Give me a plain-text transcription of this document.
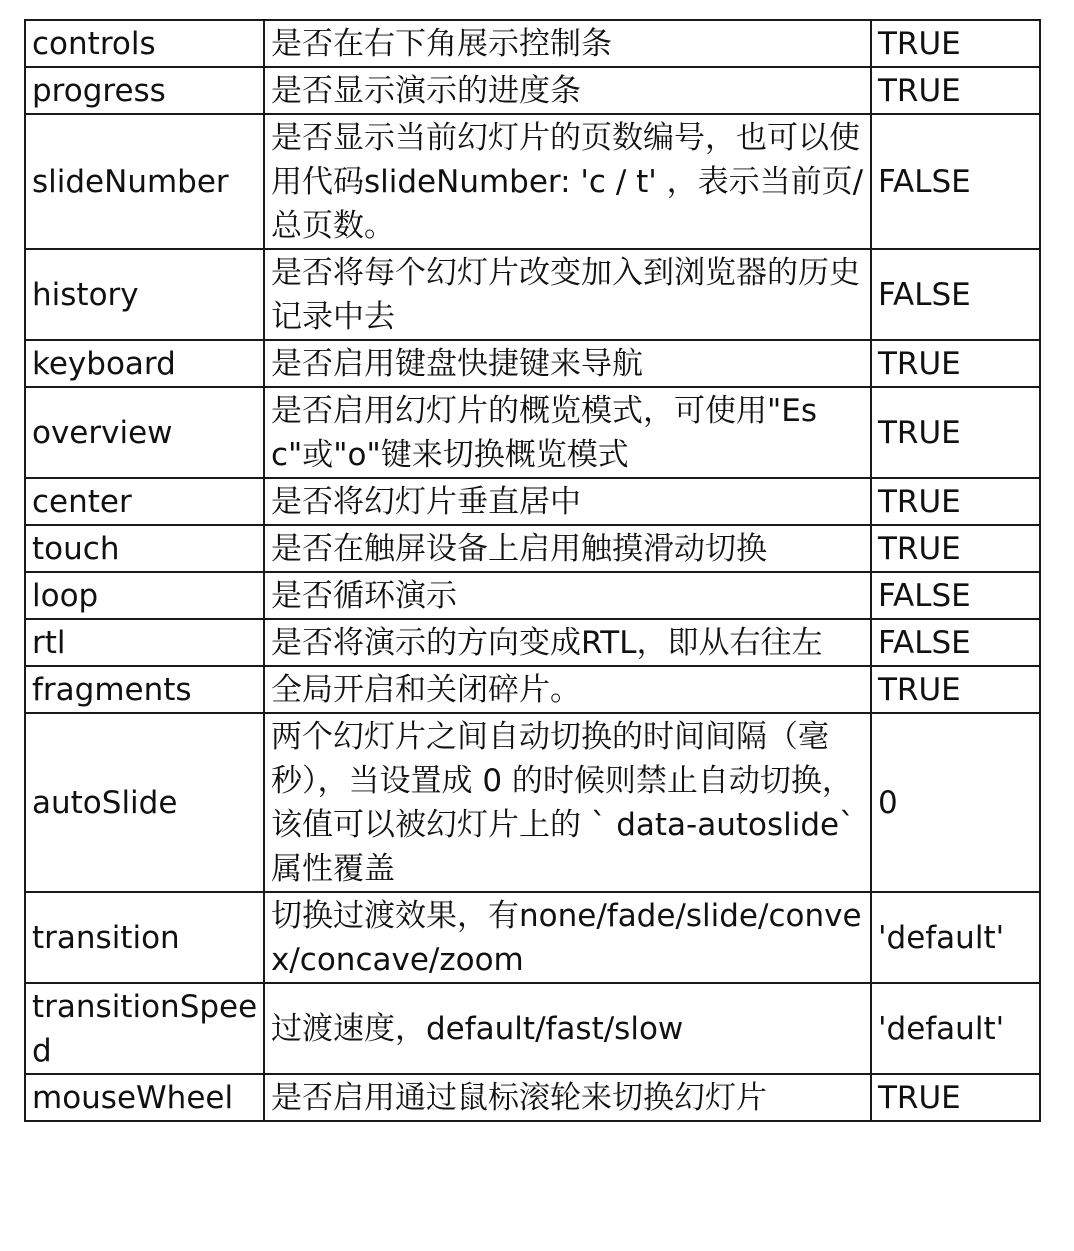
controls	是否在右下角展示控制条	TRUE
progress	是否显示演示的进度条	TRUE
slideNumber	是否显示当前幻灯片的页数编号，也可以使用代码slideNumber: 'c / t' ，表示当前页/总页数。	FALSE
history	是否将每个幻灯片改变加入到浏览器的历史记录中去	FALSE
keyboard	是否启用键盘快捷键来导航	TRUE
overview	是否启用幻灯片的概览模式，可使用"Esc"或"o"键来切换概览模式	TRUE
center	是否将幻灯片垂直居中	TRUE
touch	是否在触屏设备上启用触摸滑动切换	TRUE
loop	是否循环演示	FALSE
rtl	是否将演示的方向变成RTL，即从右往左	FALSE
fragments	全局开启和关闭碎片。	TRUE
autoSlide	两个幻灯片之间自动切换的时间间隔（毫秒），当设置成 0 的时候则禁止自动切换，该值可以被幻灯片上的 ` data-autoslide` 属性覆盖	0
transition	切换过渡效果，有none/fade/slide/convex/concave/zoom	'default'
transitionSpeed	过渡速度，default/fast/slow	'default'
mouseWheel	是否启用通过鼠标滚轮来切换幻灯片	TRUE
